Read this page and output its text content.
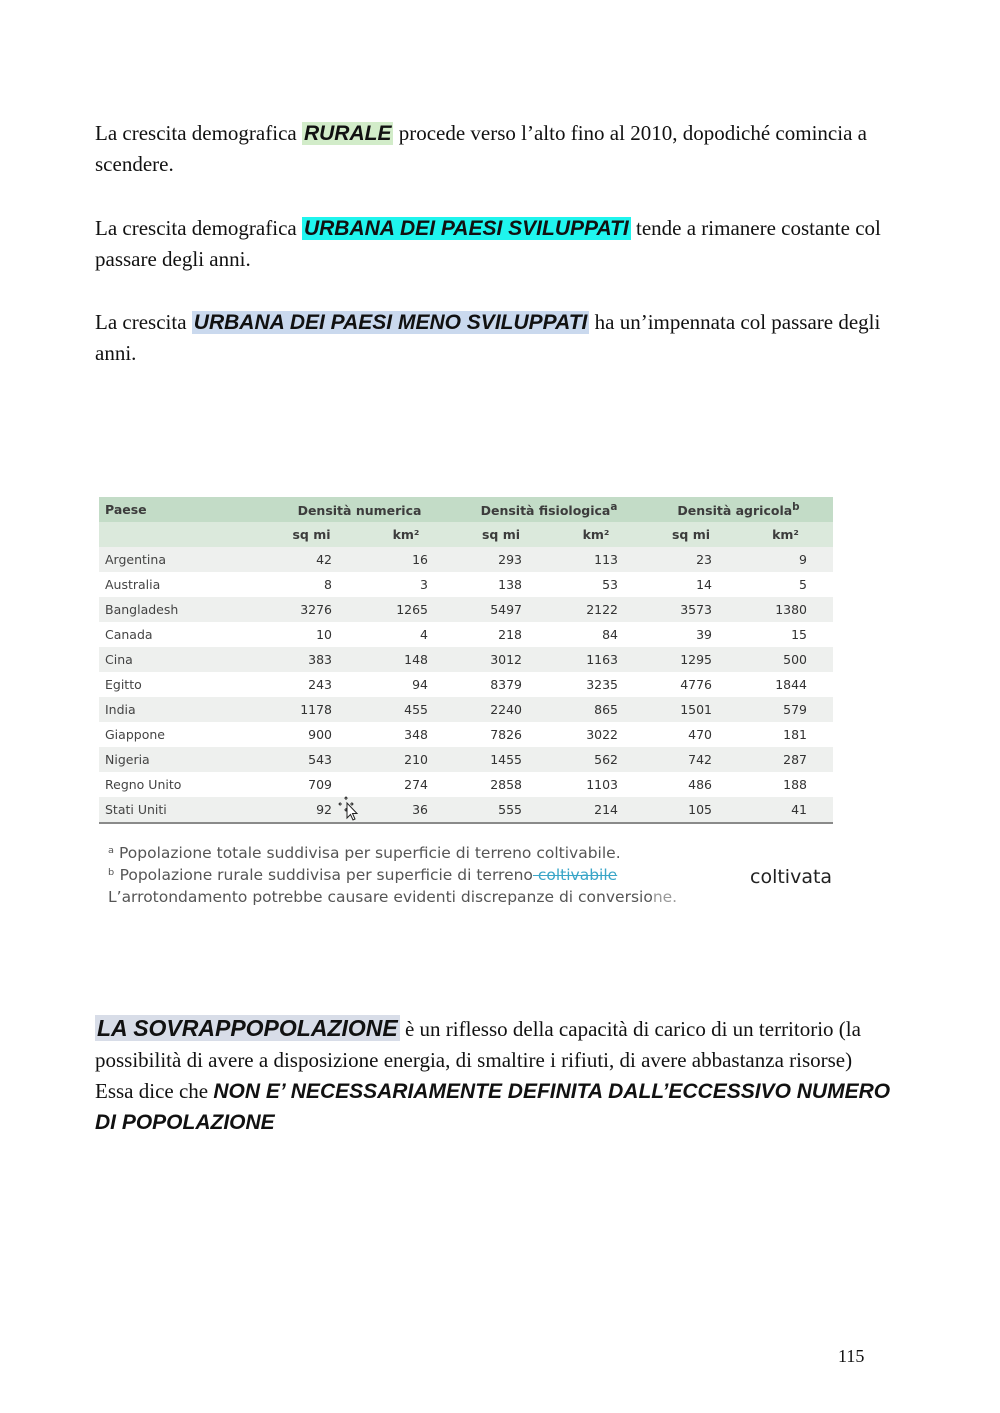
La crescita demografica RURALE procede verso l’alto fino al 2010, dopodiché comincia a scendere.

La crescita demografica URBANA DEI PAESI SVILUPPATI tende a rimanere costante col passare degli anni.

La crescita URBANA DEI PAESI MENO SVILUPPATI ha un’impennata col passare degli anni.

Paese	Densità numerica		Densità fisiologica$^a$		Densità agricola$^b$
	sq mi	km²	sq mi	km²	sq mi	km²
Argentina	42	16	293	113	23	9
Australia	8	3	138	53	14	5
Bangladesh	3276	1265	5497	2122	3573	1380
Canada	10	4	218	84	39	15
Cina	383	148	3012	1163	1295	500
Egitto	243	94	8379	3235	4776	1844
India	1178	455	2240	865	1501	579
Giappone	900	348	7826	3022	470	181
Nigeria	543	210	1455	562	742	287
Regno Unito	709	274	2858	1103	486	188
Stati Uniti	92	36	555	214	105	41

ᵃ Popolazione totale suddivisa per superficie di terreno coltivabile.

ᵇ Popolazione rurale suddivisa per superficie di terreno coltivabile

L’arrotondamento potrebbe causare evidenti discrepanze di conversione.

coltivata

LA SOVRAPPOPOLAZIONE è un riflesso della capacità di carico di un territorio (la possibilità di avere a disposizione energia, di smaltire i rifiuti, di avere abbastanza risorse)
Essa dice che NON E’ NECESSARIAMENTE DEFINITA DALL’ECCESSIVO NUMERO DI POPOLAZIONE

115
